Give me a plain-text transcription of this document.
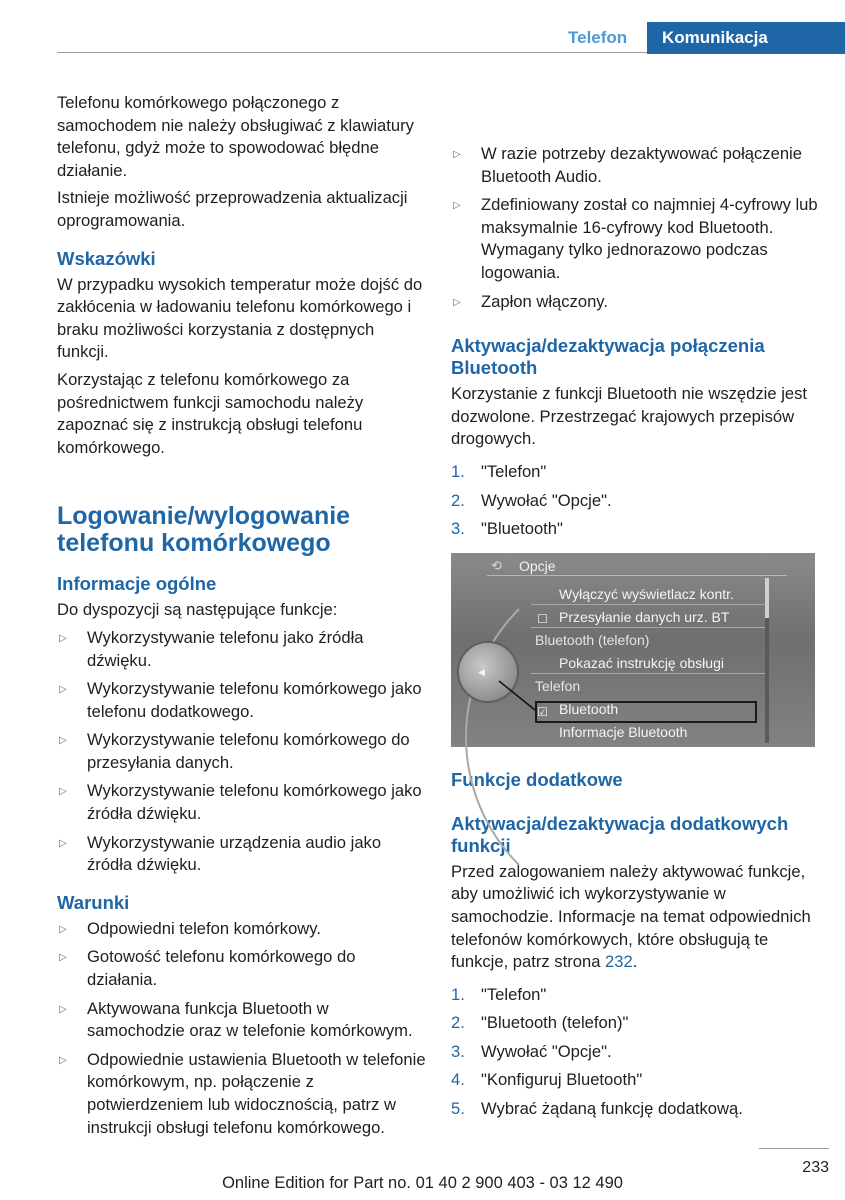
Telefon	Komunikacja

Telefonu komórkowego połączonego z samochodem nie należy obsługiwać z klawiatury telefonu, gdyż może to spowodować błędne działanie.

Istnieje możliwość przeprowadzenia aktualizacji oprogramowania.

Wskazówki

W przypadku wysokich temperatur może dojść do zakłócenia w ładowaniu telefonu komórkowego i braku możliwości korzystania z dostępnych funkcji.

Korzystając z telefonu komórkowego za pośrednictwem funkcji samochodu należy zapoznać się z instrukcją obsługi telefonu komórkowego.

Logowanie/wylogowanie telefonu komórkowego
Informacje ogólne

Do dyspozycji są następujące funkcje:

▷ Wykorzystywanie telefonu jako źródła dźwięku.
▷ Wykorzystywanie telefonu komórkowego jako telefonu dodatkowego.
▷ Wykorzystywanie telefonu komórkowego do przesyłania danych.
▷ Wykorzystywanie telefonu komórkowego jako źródła dźwięku.
▷ Wykorzystywanie urządzenia audio jako źródła dźwięku.
Warunki
▷ Odpowiedni telefon komórkowy.
▷ Gotowość telefonu komórkowego do działania.
▷ Aktywowana funkcja Bluetooth w samochodzie oraz w telefonie komórkowym.
▷ Odpowiednie ustawienia Bluetooth w telefonie komórkowym, np. połączenie z potwierdzeniem lub widocznością, patrz w instrukcji obsługi telefonu komórkowego.
▷ W razie potrzeby dezaktywować połączenie Bluetooth Audio.
▷ Zdefiniowany został co najmniej 4-cyfrowy lub maksymalnie 16-cyfrowy kod Bluetooth. Wymagany tylko jednorazowo podczas logowania.
▷ Zapłon włączony.
Aktywacja/dezaktywacja połączenia Bluetooth

Korzystanie z funkcji Bluetooth nie wszędzie jest dozwolone. Przestrzegać krajowych przepisów drogowych.

1. "Telefon"
2. Wywołać "Opcje".
3. "Bluetooth"
⟲ Opcje
Wyłączyć wyświetlacz kontr.
☐ Przesyłanie danych urz. BT
Bluetooth (telefon)
Pokazać instrukcję obsługi
Telefon
☑ Bluetooth
Informacje Bluetooth
◀
Funkcje dodatkowe
Aktywacja/dezaktywacja dodatkowych funkcji

Przed zalogowaniem należy aktywować funkcje, aby umożliwić ich wykorzystywanie w samochodzie. Informacje na temat odpowiednich telefonów komórkowych, które obsługują te funkcje, patrz strona 232.

1. "Telefon"
2. "Bluetooth (telefon)"
3. Wywołać "Opcje".
4. "Konfiguruj Bluetooth"
5. Wybrać żądaną funkcję dodatkową.
233
Online Edition for Part no. 01 40 2 900 403 - 03 12 490
